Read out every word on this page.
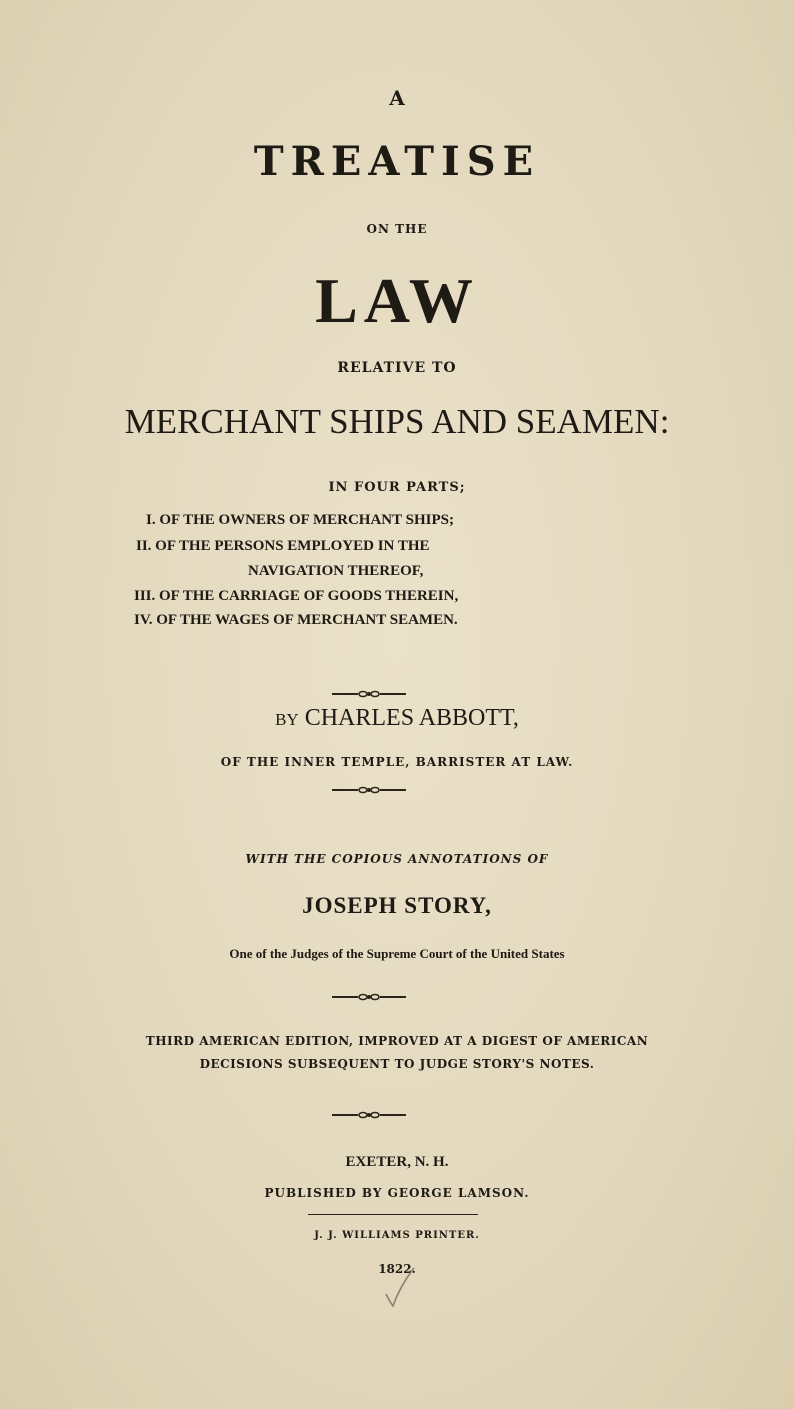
A
TREATISE
ON THE
LAW
RELATIVE TO
MERCHANT SHIPS AND SEAMEN:
IN FOUR PARTS;
I. OF THE OWNERS OF MERCHANT SHIPS;
II. OF THE PERSONS EMPLOYED IN THE
NAVIGATION THEREOF,
III. OF THE CARRIAGE OF GOODS THEREIN,
IV. OF THE WAGES OF MERCHANT SEAMEN.
BY CHARLES ABBOTT,
OF THE INNER TEMPLE, BARRISTER AT LAW.
WITH THE COPIOUS ANNOTATIONS OF
JOSEPH STORY,
One of the Judges of the Supreme Court of the United States
THIRD AMERICAN EDITION, IMPROVED AT A DIGEST OF AMERICAN
DECISIONS SUBSEQUENT TO JUDGE STORY'S NOTES.
EXETER, N. H.
PUBLISHED BY GEORGE LAMSON.
J. J. WILLIAMS PRINTER.
1822.
